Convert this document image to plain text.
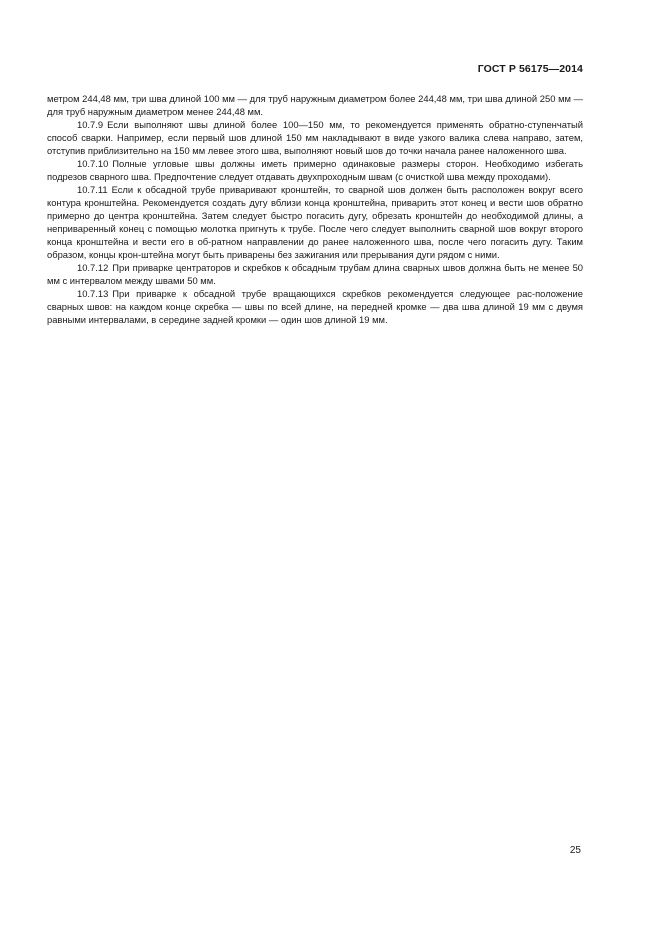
ГОСТ Р 56175—2014

метром 244,48 мм, три шва длиной 100 мм — для труб наружным диаметром более 244,48 мм, три шва длиной 250 мм — для труб наружным диаметром менее 244,48 мм.

10.7.9 Если выполняют швы длиной более 100—150 мм, то рекомендуется применять обратно-ступенчатый способ сварки. Например, если первый шов длиной 150 мм накладывают в виде узкого валика слева направо, затем, отступив приблизительно на 150 мм левее этого шва, выполняют новый шов до точки начала ранее наложенного шва.

10.7.10 Полные угловые швы должны иметь примерно одинаковые размеры сторон. Необходимо избегать подрезов сварного шва. Предпочтение следует отдавать двухпроходным швам (с очисткой шва между проходами).

10.7.11 Если к обсадной трубе приваривают кронштейн, то сварной шов должен быть расположен вокруг всего контура кронштейна. Рекомендуется создать дугу вблизи конца кронштейна, приварить этот конец и вести шов обратно примерно до центра кронштейна. Затем следует быстро погасить дугу, обрезать кронштейн до необходимой длины, а неприваренный конец с помощью молотка пригнуть к трубе. После чего следует выполнить сварной шов вокруг второго конца кронштейна и вести его в об-ратном направлении до ранее наложенного шва, после чего погасить дугу. Таким образом, концы крон-штейна могут быть приварены без зажигания или прерывания дуги рядом с ними.

10.7.12 При приварке центраторов и скребков к обсадным трубам длина сварных швов должна быть не менее 50 мм с интервалом между швами 50 мм.

10.7.13 При приварке к обсадной трубе вращающихся скребков рекомендуется следующее рас-положение сварных швов: на каждом конце скребка — швы по всей длине, на передней кромке — два шва длиной 19 мм с двумя равными интервалами, в середине задней кромки — один шов длиной 19 мм.

25
